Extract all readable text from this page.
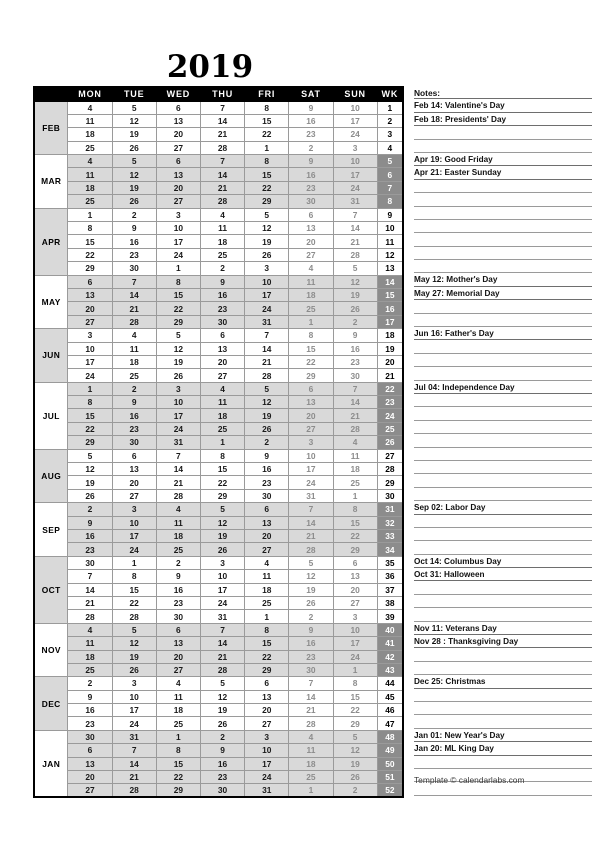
2019
	MON	TUE	WED	THU	FRI	SAT	SUN	WK
FEB	4	5	6	7	8	9	10	1
	11	12	13	14	15	16	17	2
	18	19	20	21	22	23	24	3
	25	26	27	28	1	2	3	4
MAR	4	5	6	7	8	9	10	5
	11	12	13	14	15	16	17	6
	18	19	20	21	22	23	24	7
	25	26	27	28	29	30	31	8
APR	1	2	3	4	5	6	7	9
	8	9	10	11	12	13	14	10
	15	16	17	18	19	20	21	11
	22	23	24	25	26	27	28	12
	29	30	1	2	3	4	5	13
MAY	6	7	8	9	10	11	12	14
	13	14	15	16	17	18	19	15
	20	21	22	23	24	25	26	16
	27	28	29	30	31	1	2	17
JUN	3	4	5	6	7	8	9	18
	10	11	12	13	14	15	16	19
	17	18	19	20	21	22	23	20
	24	25	26	27	28	29	30	21
JUL	1	2	3	4	5	6	7	22
	8	9	10	11	12	13	14	23
	15	16	17	18	19	20	21	24
	22	23	24	25	26	27	28	25
	29	30	31	1	2	3	4	26
AUG	5	6	7	8	9	10	11	27
	12	13	14	15	16	17	18	28
	19	20	21	22	23	24	25	29
	26	27	28	29	30	31	1	30
SEP	2	3	4	5	6	7	8	31
	9	10	11	12	13	14	15	32
	16	17	18	19	20	21	22	33
	23	24	25	26	27	28	29	34
OCT	30	1	2	3	4	5	6	35
	7	8	9	10	11	12	13	36
	14	15	16	17	18	19	20	37
	21	22	23	24	25	26	27	38
	28	28	30	31	1	2	3	39
NOV	4	5	6	7	8	9	10	40
	11	12	13	14	15	16	17	41
	18	19	20	21	22	23	24	42
	25	26	27	28	29	30	1	43
DEC	2	3	4	5	6	7	8	44
	9	10	11	12	13	14	15	45
	16	17	18	19	20	21	22	46
	23	24	25	26	27	28	29	47
JAN	30	31	1	2	3	4	5	48
	6	7	8	9	10	11	12	49
	13	14	15	16	17	18	19	50
	20	21	22	23	24	25	26	51
	27	28	29	30	31	1	2	52
Notes:
Feb 14: Valentine's Day
Feb 18: Presidents' Day
Apr 19: Good Friday
Apr 21: Easter Sunday
May 12: Mother's Day
May 27: Memorial Day
Jun 16: Father's Day
Jul 04: Independence Day
Sep 02: Labor Day
Oct 14: Columbus Day
Oct 31: Halloween
Nov 11: Veterans Day
Nov 28 : Thanksgiving Day
Dec 25: Christmas
Jan 01: New Year's Day
Jan 20: ML King Day
Template © calendarlabs.com
